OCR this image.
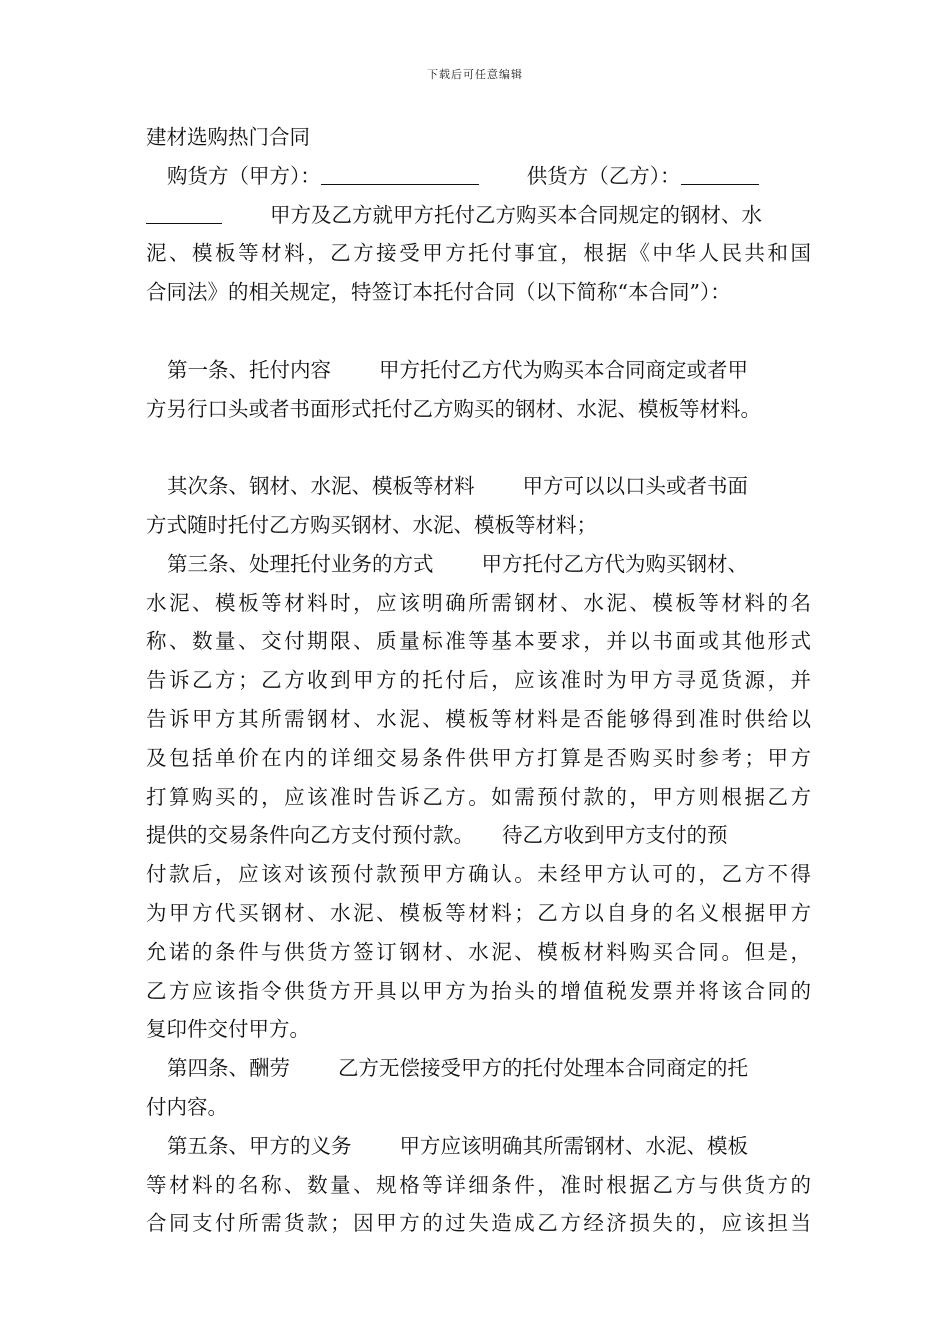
下载后可任意编辑
建材选购热门合同
购货方（甲方）：	供货方（乙方）：
甲方及乙方就甲方托付乙方购买本合同规定的钢材、水
泥、模板等材料，乙方接受甲方托付事宜，根据《中华人民共和国
合同法》的相关规定，特签订本托付合同（以下简称“本合同”）：
第一条、托付内容 甲方托付乙方代为购买本合同商定或者甲
方另行口头或者书面形式托付乙方购买的钢材、水泥、模板等材料。
其次条、钢材、水泥、模板等材料 甲方可以以口头或者书面
方式随时托付乙方购买钢材、水泥、模板等材料；
第三条、处理托付业务的方式 甲方托付乙方代为购买钢材、
水泥、模板等材料时，应该明确所需钢材、水泥、模板等材料的名
称、数量、交付期限、质量标准等基本要求，并以书面或其他形式
告诉乙方；乙方收到甲方的托付后，应该准时为甲方寻觅货源，并
告诉甲方其所需钢材、水泥、模板等材料是否能够得到准时供给以
及包括单价在内的详细交易条件供甲方打算是否购买时参考；甲方
打算购买的，应该准时告诉乙方。如需预付款的，甲方则根据乙方
提供的交易条件向乙方支付预付款。 待乙方收到甲方支付的预
付款后，应该对该预付款预甲方确认。未经甲方认可的，乙方不得
为甲方代买钢材、水泥、模板等材料；乙方以自身的名义根据甲方
允诺的条件与供货方签订钢材、水泥、模板材料购买合同。但是，
乙方应该指令供货方开具以甲方为抬头的增值税发票并将该合同的
复印件交付甲方。
第四条、酬劳 乙方无偿接受甲方的托付处理本合同商定的托
付内容。
第五条、甲方的义务 甲方应该明确其所需钢材、水泥、模板
等材料的名称、数量、规格等详细条件，准时根据乙方与供货方的
合同支付所需货款；因甲方的过失造成乙方经济损失的，应该担当
